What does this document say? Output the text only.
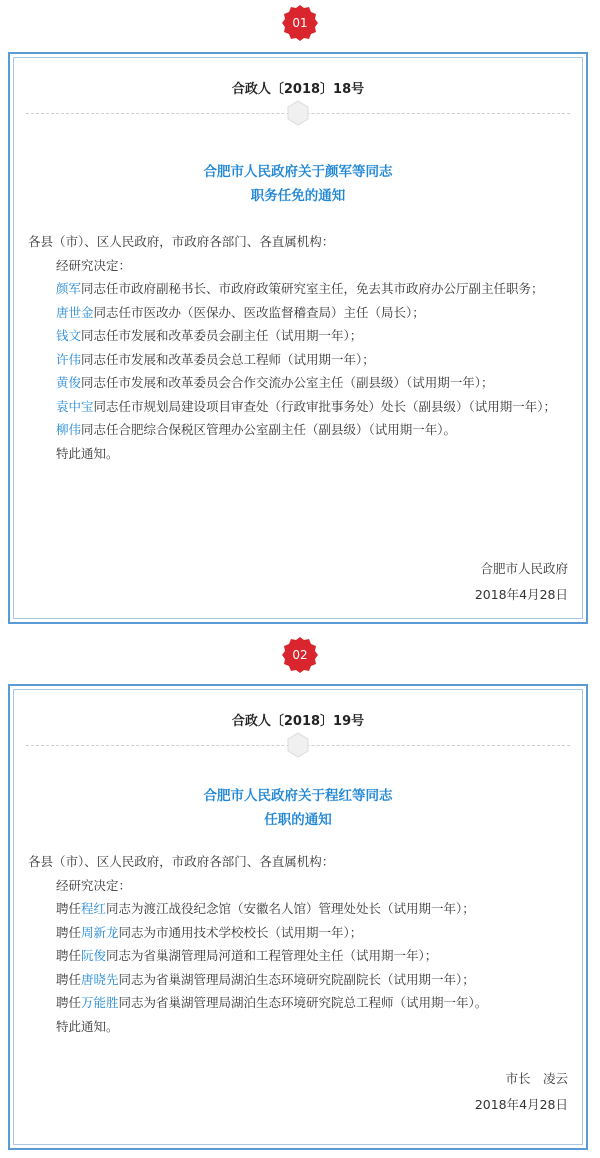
01
合政人〔2018〕18号
合肥市人民政府关于颜军等同志
职务任免的通知

各县（市）、区人民政府，市政府各部门、各直属机构：

经研究决定：

颜军同志任市政府副秘书长、市政府政策研究室主任，免去其市政府办公厅副主任职务；

唐世金同志任市医改办（医保办、医改监督稽查局）主任（局长）；

钱文同志任市发展和改革委员会副主任（试用期一年）；

许伟同志任市发展和改革委员会总工程师（试用期一年）；

黄俊同志任市发展和改革委员会合作交流办公室主任（副县级）（试用期一年）；

袁中宝同志任市规划局建设项目审查处（行政审批事务处）处长（副县级）（试用期一年）；

柳伟同志任合肥综合保税区管理办公室副主任（副县级）（试用期一年）。

特此通知。

合肥市人民政府
2018年4月28日
02
合政人〔2018〕19号
合肥市人民政府关于程红等同志
任职的通知

各县（市）、区人民政府，市政府各部门、各直属机构：

经研究决定：

聘任程红同志为渡江战役纪念馆（安徽名人馆）管理处处长（试用期一年）；

聘任周新龙同志为市通用技术学校校长（试用期一年）；

聘任阮俊同志为省巢湖管理局河道和工程管理处主任（试用期一年）；

聘任唐晓先同志为省巢湖管理局湖泊生态环境研究院副院长（试用期一年）；

聘任万能胜同志为省巢湖管理局湖泊生态环境研究院总工程师（试用期一年）。

特此通知。

市长　凌云
2018年4月28日
